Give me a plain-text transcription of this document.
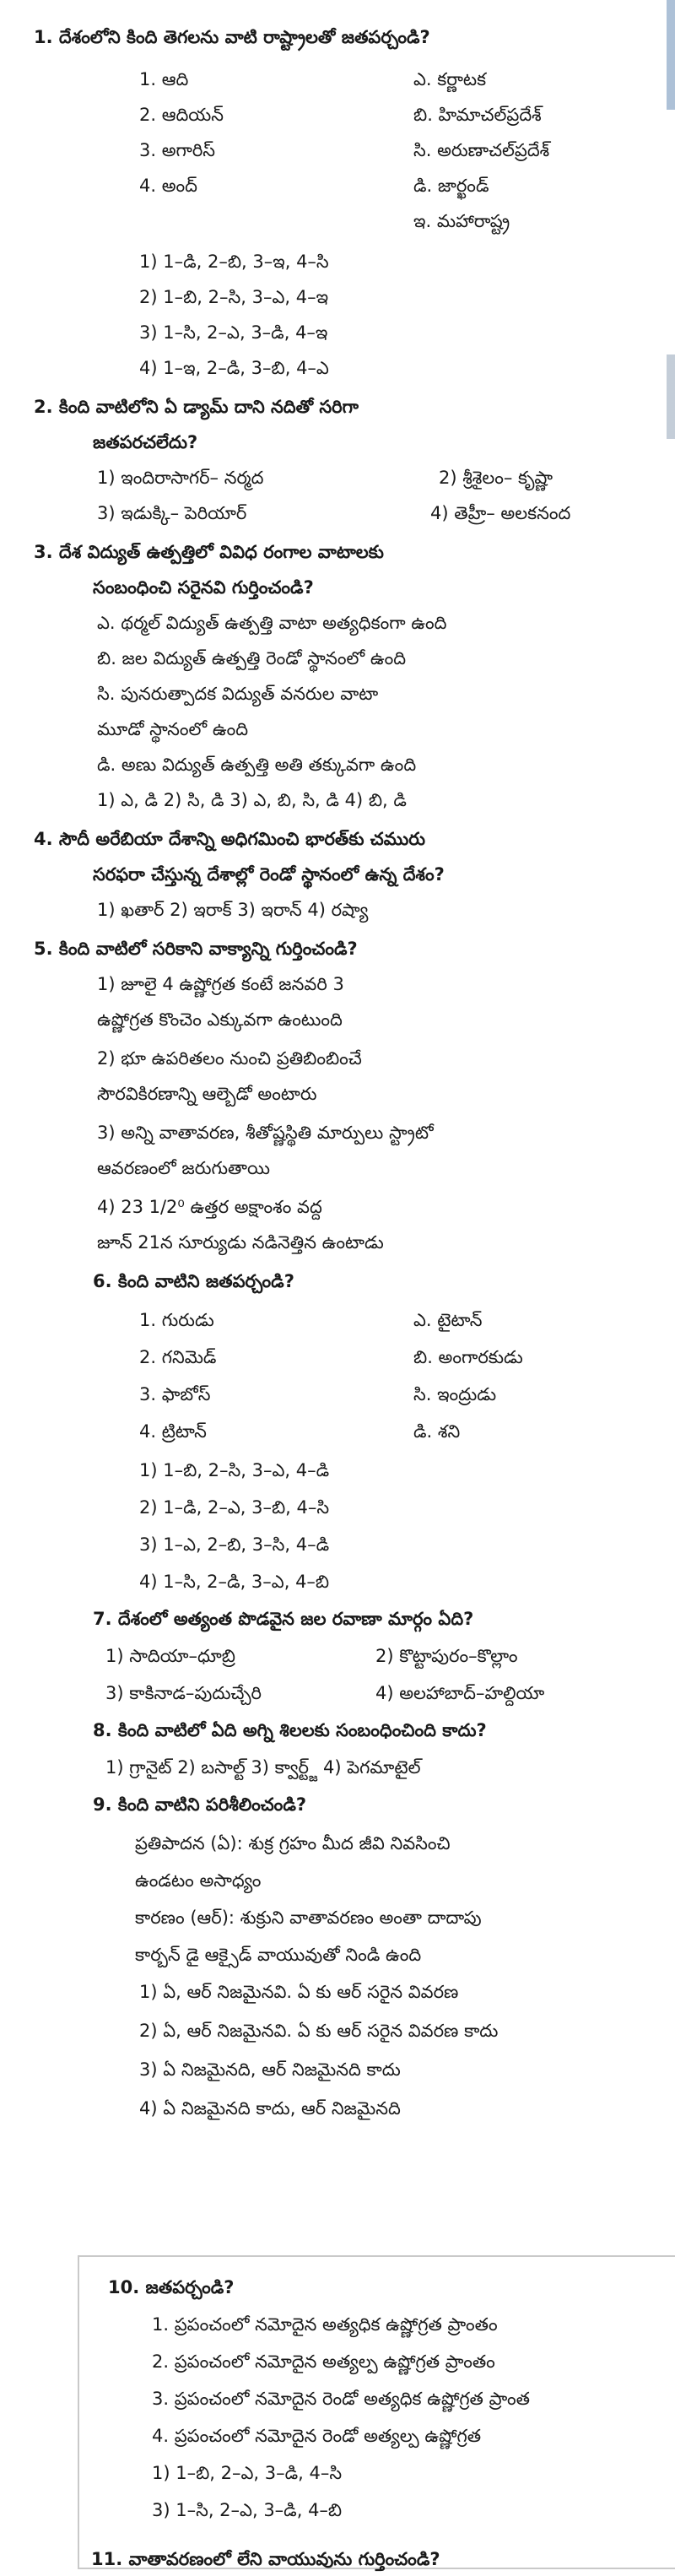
1. దేశంలోని కింది తెగలను వాటి రాష్ట్రాలతో జతపర్చండి?
1. ఆది	ఎ. కర్ణాటక
2. ఆదియన్	బి. హిమాచల్‌ప్రదేశ్
3. అగారిస్	సి. అరుణాచల్‌ప్రదేశ్
4. అంద్	డి. జార్ఖండ్
ఇ. మహారాష్ట్ర
1) 1–డి, 2–బి, 3–ఇ, 4–సి
2) 1–బి, 2–సి, 3–ఎ, 4–ఇ
3) 1–సి, 2–ఎ, 3–డి, 4–ఇ
4) 1–ఇ, 2–డి, 3–బి, 4–ఎ
2. కింది వాటిలోని ఏ డ్యామ్ దాని నదితో సరిగా
జతపరచలేదు?
1) ఇందిరాసాగర్– నర్మద	2) శ్రీశైలం– కృష్ణా
3) ఇడుక్కి– పెరియార్	4) తెహ్రీ– అలకనంద
3. దేశ విద్యుత్ ఉత్పత్తిలో వివిధ రంగాల వాటాలకు
సంబంధించి సరైనవి గుర్తించండి?
ఎ. థర్మల్ విద్యుత్ ఉత్పత్తి వాటా అత్యధికంగా ఉంది
బి. జల విద్యుత్ ఉత్పత్తి రెండో స్థానంలో ఉంది
సి. పునరుత్పాదక విద్యుత్ వనరుల వాటా
మూడో స్థానంలో ఉంది
డి. అణు విద్యుత్ ఉత్పత్తి అతి తక్కువగా ఉంది
1) ఎ, డి 2) సి, డి 3) ఎ, బి, సి, డి 4) బి, డి
4. సౌదీ అరేబియా దేశాన్ని అధిగమించి భారత్‌కు చమురు
సరఫరా చేస్తున్న దేశాల్లో రెండో స్థానంలో ఉన్న దేశం?
1) ఖతార్ 2) ఇరాక్ 3) ఇరాన్ 4) రష్యా
5. కింది వాటిలో సరికాని వాక్యాన్ని గుర్తించండి?
1) జూలై 4 ఉష్ణోగ్రత కంటే జనవరి 3
ఉష్ణోగ్రత కొంచెం ఎక్కువగా ఉంటుంది
2) భూ ఉపరితలం నుంచి ప్రతిబింబించే
సౌరవికిరణాన్ని ఆల్బెడో అంటారు
3) అన్ని వాతావరణ, శీతోష్ణస్థితి మార్పులు స్ట్రాటో
ఆవరణంలో జరుగుతాయి
4) 23 1/2⁰ ఉత్తర అక్షాంశం వద్ద
జూన్ 21న సూర్యుడు నడినెత్తిన ఉంటాడు
6. కింది వాటిని జతపర్చండి?
1. గురుడు	ఎ. టైటాన్
2. గనిమెడ్	బి. అంగారకుడు
3. ఫాబోస్	సి. ఇంద్రుడు
4. ట్రిటాన్	డి. శని
1) 1–బి, 2–సి, 3–ఎ, 4–డి
2) 1–డి, 2–ఎ, 3–బి, 4–సి
3) 1–ఎ, 2–బి, 3–సి, 4–డి
4) 1–సి, 2–డి, 3–ఎ, 4–బి
7. దేశంలో అత్యంత పొడవైన జల రవాణా మార్గం ఏది?
1) సాదియా–ధూబ్రి	2) కొట్టాపురం–కొల్లాం
3) కాకినాడ–పుదుచ్చేరి	4) అలహాబాద్–హల్దియా
8. కింది వాటిలో ఏది అగ్ని శిలలకు సంబంధించింది కాదు?
1) గ్రానైట్ 2) బసాల్ట్ 3) క్వార్ట్జ్ 4) పెగమాటైల్
9. కింది వాటిని పరిశీలించండి?
ప్రతిపాదన (ఏ): శుక్ర గ్రహం మీద జీవి నివసించి
ఉండటం అసాధ్యం
కారణం (ఆర్): శుక్రుని వాతావరణం అంతా దాదాపు
కార్బన్ డై ఆక్సైడ్ వాయువుతో నిండి ఉంది
1) ఏ, ఆర్ నిజమైనవి. ఏ కు ఆర్ సరైన వివరణ
2) ఏ, ఆర్ నిజమైనవి. ఏ కు ఆర్ సరైన వివరణ కాదు
3) ఏ నిజమైనది, ఆర్ నిజమైనది కాదు
4) ఏ నిజమైనది కాదు, ఆర్ నిజమైనది
10. జతపర్చండి?
1. ప్రపంచంలో నమోదైన అత్యధిక ఉష్ణోగ్రత ప్రాంతం
2. ప్రపంచంలో నమోదైన అత్యల్ప ఉష్ణోగ్రత ప్రాంతం
3. ప్రపంచంలో నమోదైన రెండో అత్యధిక ఉష్ణోగ్రత ప్రాంత
4. ప్రపంచంలో నమోదైన రెండో అత్యల్ప ఉష్ణోగ్రత
1) 1–బి, 2–ఎ, 3–డి, 4–సి
3) 1–సి, 2–ఎ, 3–డి, 4–బి
11. వాతావరణంలో లేని వాయువును గుర్తించండి?
